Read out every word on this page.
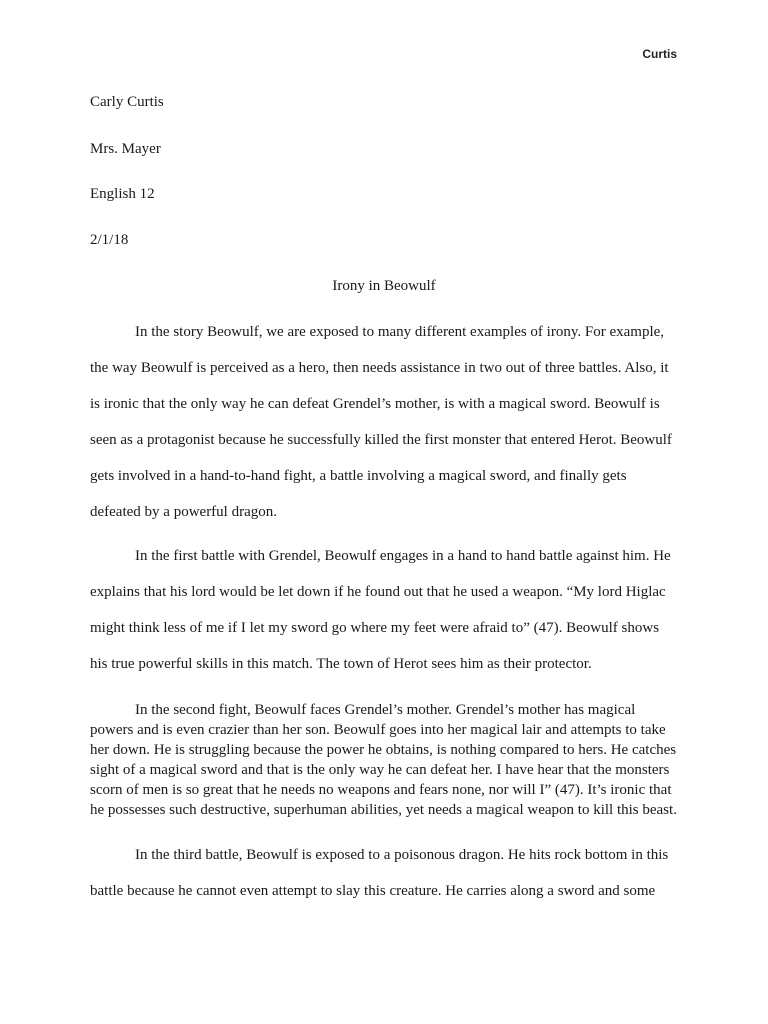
Curtis
Carly Curtis
Mrs. Mayer
English 12
2/1/18
Irony in Beowulf

In the story Beowulf, we are exposed to many different examples of irony. For example, the way Beowulf is perceived as a hero, then needs assistance in two out of three battles. Also, it is ironic that the only way he can defeat Grendel’s mother, is with a magical sword. Beowulf is seen as a protagonist because he successfully killed the first monster that entered Herot. Beowulf gets involved in a hand-to-hand fight, a battle involving a magical sword, and finally gets defeated by a powerful dragon.

In the first battle with Grendel, Beowulf engages in a hand to hand battle against him. He explains that his lord would be let down if he found out that he used a weapon. “My lord Higlac might think less of me if I let my sword go where my feet were afraid to” (47). Beowulf shows his true powerful skills in this match. The town of Herot sees him as their protector.

In the second fight, Beowulf faces Grendel’s mother. Grendel’s mother has magical powers and is even crazier than her son. Beowulf goes into her magical lair and attempts to take her down. He is struggling because the power he obtains, is nothing compared to hers. He catches sight of a magical sword and that is the only way he can defeat her. I have hear that the monsters scorn of men is so great that he needs no weapons and fears none, nor will I” (47). It’s ironic that he possesses such destructive, superhuman abilities, yet needs a magical weapon to kill this beast.

In the third battle, Beowulf is exposed to a poisonous dragon. He hits rock bottom in this battle because he cannot even attempt to slay this creature. He carries along a sword and some
